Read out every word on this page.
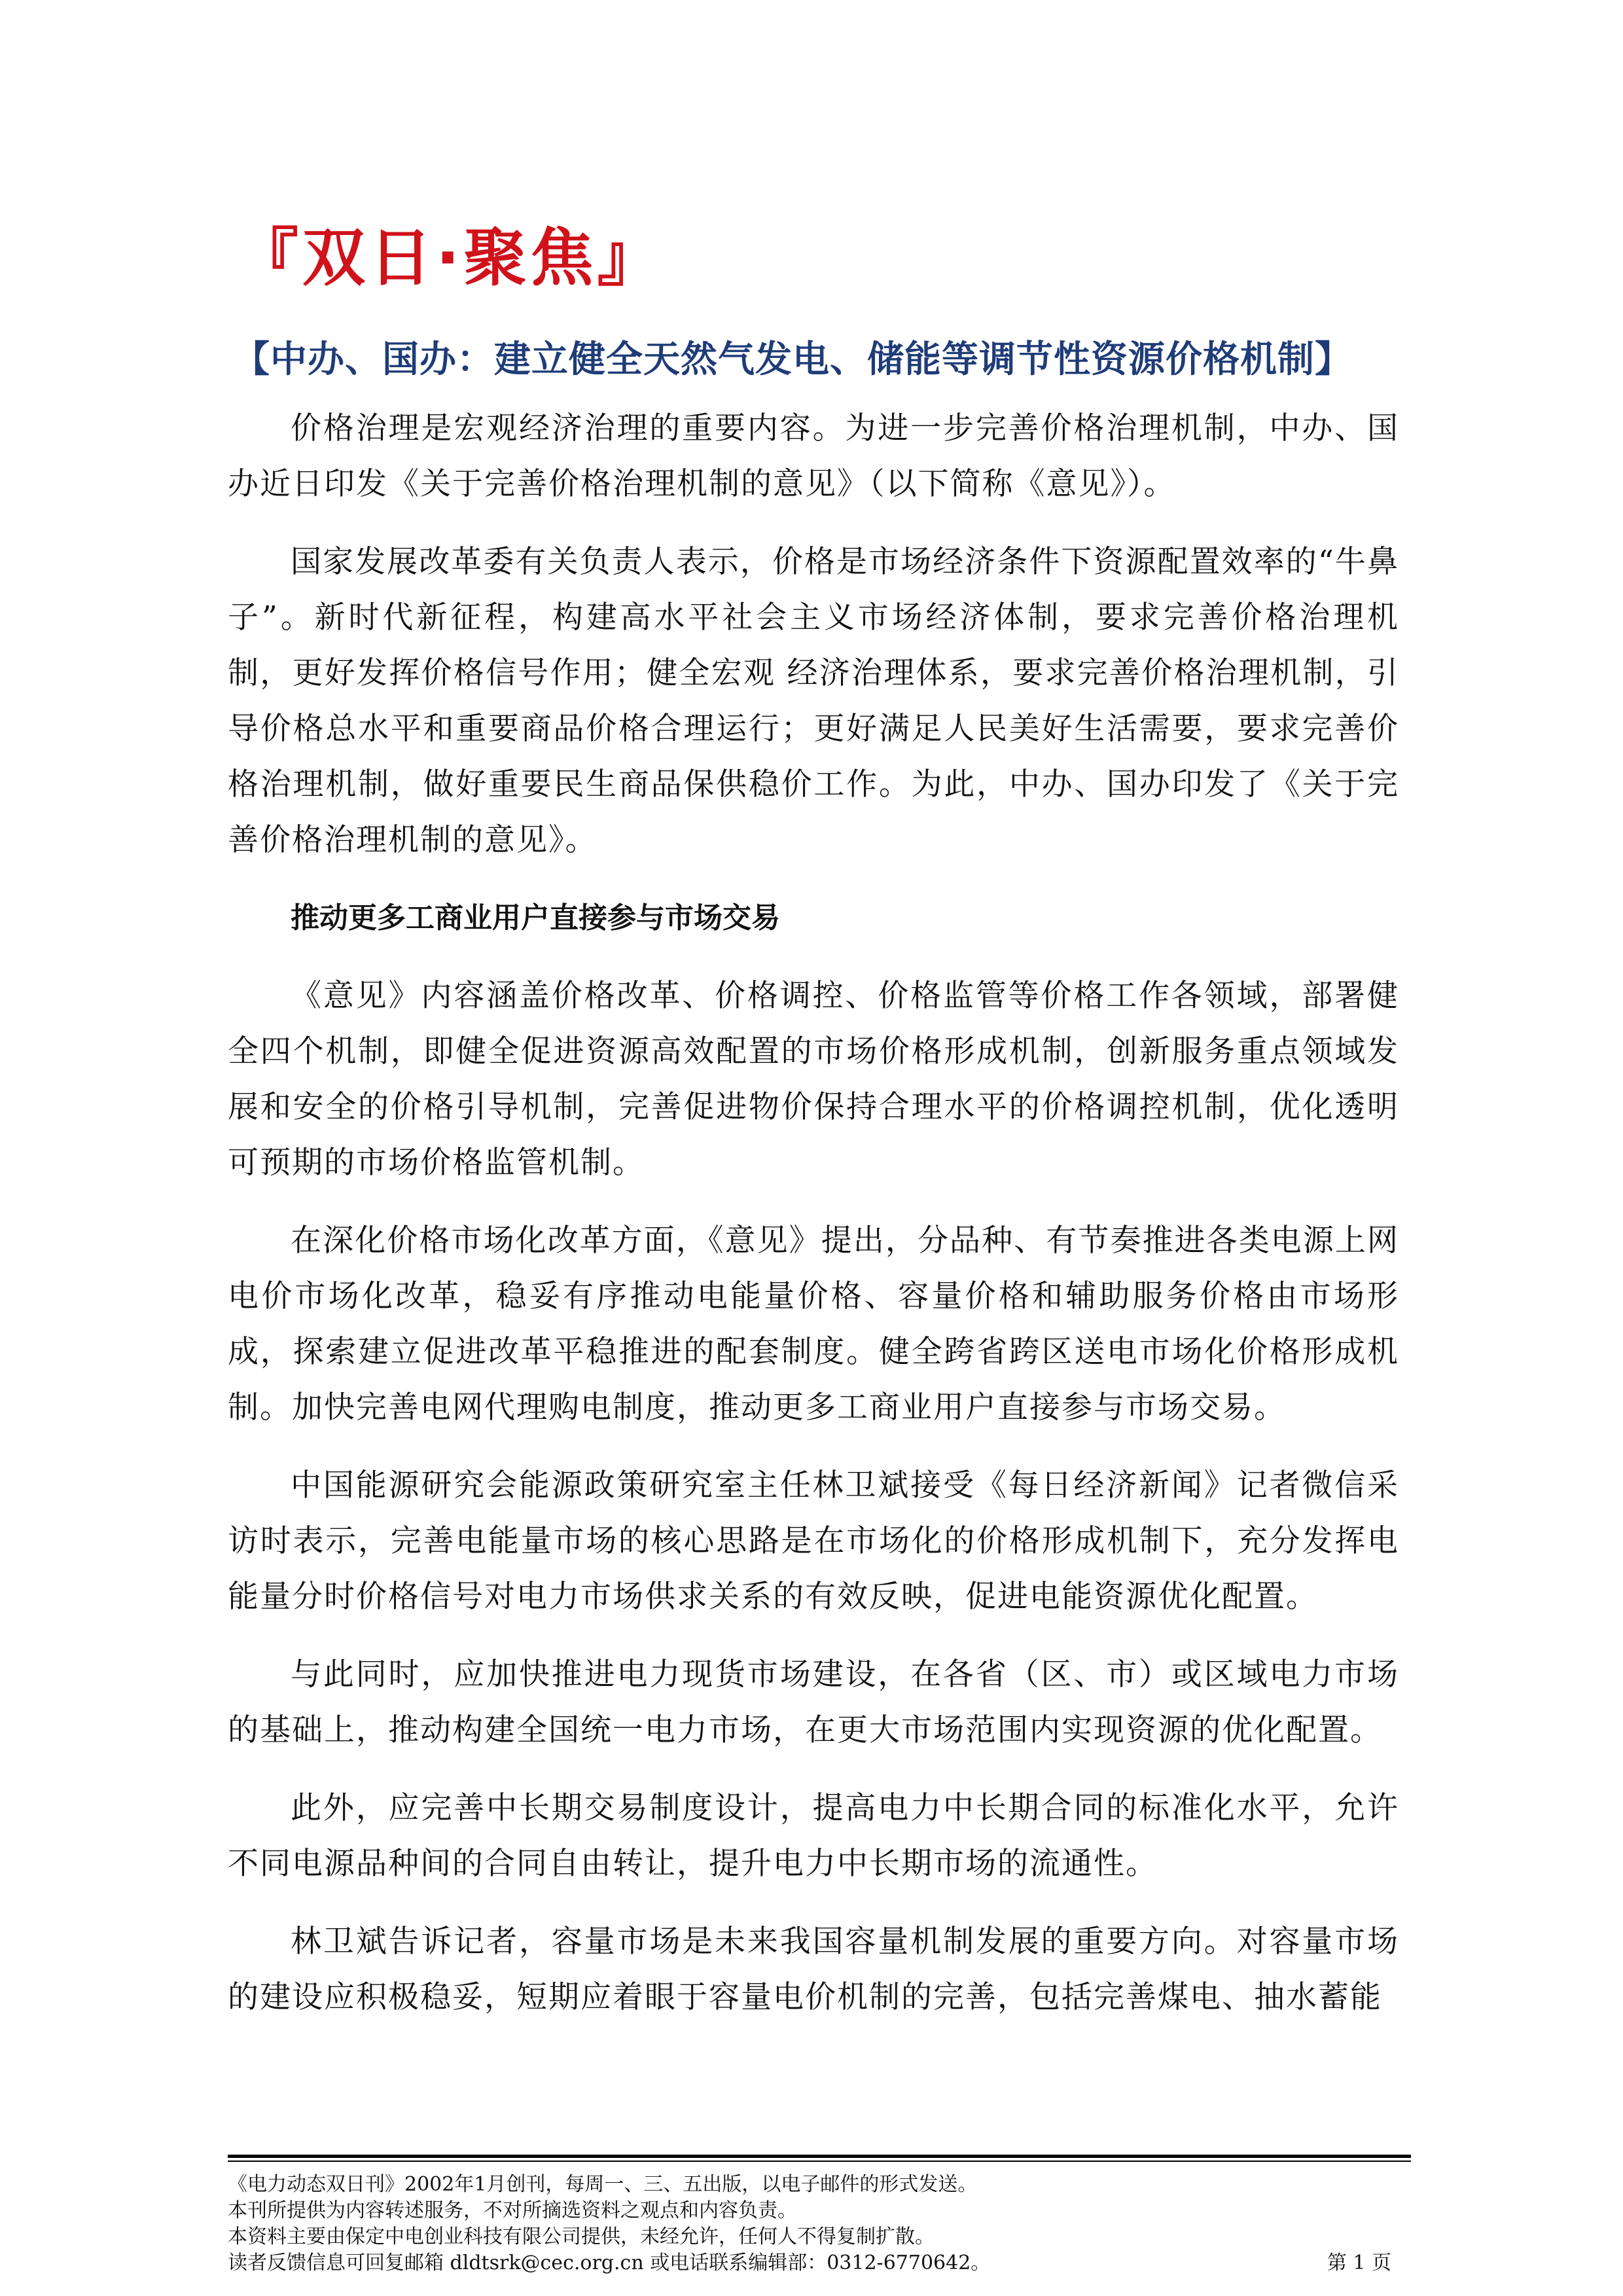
『双日·聚焦』
【中办、国办：建立健全天然气发电、储能等调节性资源价格机制】

价格治理是宏观经济治理的重要内容。为进一步完善价格治理机制，中办、国办近日印发《关于完善价格治理机制的意见》（以下简称《意见》）。

国家发展改革委有关负责人表示，价格是市场经济条件下资源配置效率的“牛鼻子”。新时代新征程，构建高水平社会主义市场经济体制，要求完善价格治理机制，更好发挥价格信号作用；健全宏观 经济治理体系，要求完善价格治理机制，引导价格总水平和重要商品价格合理运行；更好满足人民美好生活需要，要求完善价格治理机制，做好重要民生商品保供稳价工作。为此，中办、国办印发了《关于完善价格治理机制的意见》。

推动更多工商业用户直接参与市场交易

《意见》内容涵盖价格改革、价格调控、价格监管等价格工作各领域，部署健全四个机制，即健全促进资源高效配置的市场价格形成机制，创新服务重点领域发展和安全的价格引导机制，完善促进物价保持合理水平的价格调控机制，优化透明可预期的市场价格监管机制。

在深化价格市场化改革方面，《意见》提出，分品种、有节奏推进各类电源上网电价市场化改革，稳妥有序推动电能量价格、容量价格和辅助服务价格由市场形成，探索建立促进改革平稳推进的配套制度。健全跨省跨区送电市场化价格形成机制。加快完善电网代理购电制度，推动更多工商业用户直接参与市场交易。

中国能源研究会能源政策研究室主任林卫斌接受《每日经济新闻》记者微信采访时表示，完善电能量市场的核心思路是在市场化的价格形成机制下，充分发挥电能量分时价格信号对电力市场供求关系的有效反映，促进电能资源优化配置。

与此同时，应加快推进电力现货市场建设，在各省（区、市）或区域电力市场的基础上，推动构建全国统一电力市场，在更大市场范围内实现资源的优化配置。

此外，应完善中长期交易制度设计，提高电力中长期合同的标准化水平，允许不同电源品种间的合同自由转让，提升电力中长期市场的流通性。

林卫斌告诉记者，容量市场是未来我国容量机制发展的重要方向。对容量市场的建设应积极稳妥，短期应着眼于容量电价机制的完善，包括完善煤电、抽水蓄能

《电力动态双日刊》2002年1月创刊，每周一、三、五出版，以电子邮件的形式发送。
本刊所提供为内容转述服务，不对所摘选资料之观点和内容负责。
本资料主要由保定中电创业科技有限公司提供，未经允许，任何人不得复制扩散。
读者反馈信息可回复邮箱 dldtsrk@cec.org.cn 或电话联系编辑部：0312-6770642。	第 1 页
